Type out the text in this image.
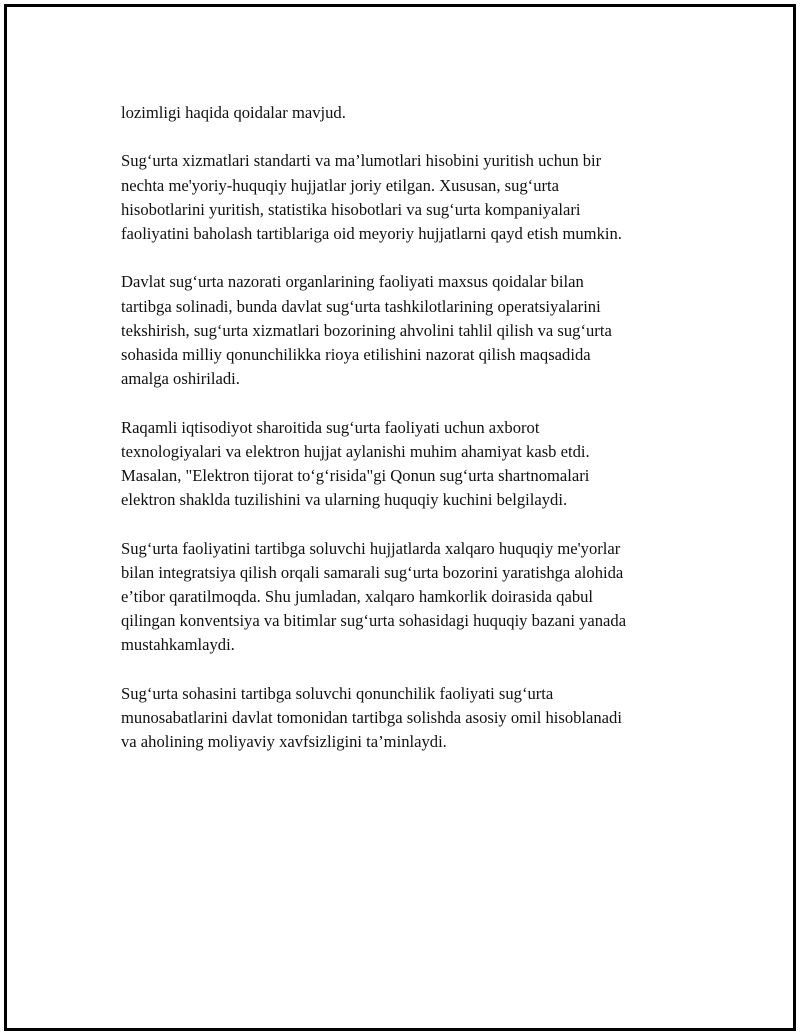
lozimligi haqida qoidalar mavjud.

Sug‘urta xizmatlari standarti va ma’lumotlari hisobini yuritish uchun bir
nechta me'yoriy-huquqiy hujjatlar joriy etilgan. Xususan, sug‘urta
hisobotlarini yuritish, statistika hisobotlari va sug‘urta kompaniyalari
faoliyatini baholash tartiblariga oid meyoriy hujjatlarni qayd etish mumkin.

Davlat sug‘urta nazorati organlarining faoliyati maxsus qoidalar bilan
tartibga solinadi, bunda davlat sug‘urta tashkilotlarining operatsiyalarini
tekshirish, sug‘urta xizmatlari bozorining ahvolini tahlil qilish va sug‘urta
sohasida milliy qonunchilikka rioya etilishini nazorat qilish maqsadida
amalga oshiriladi.

Raqamli iqtisodiyot sharoitida sug‘urta faoliyati uchun axborot
texnologiyalari va elektron hujjat aylanishi muhim ahamiyat kasb etdi.
Masalan, "Elektron tijorat to‘g‘risida"gi Qonun sug‘urta shartnomalari
elektron shaklda tuzilishini va ularning huquqiy kuchini belgilaydi.

Sug‘urta faoliyatini tartibga soluvchi hujjatlarda xalqaro huquqiy me'yorlar
bilan integratsiya qilish orqali samarali sug‘urta bozorini yaratishga alohida
e’tibor qaratilmoqda. Shu jumladan, xalqaro hamkorlik doirasida qabul
qilingan konventsiya va bitimlar sug‘urta sohasidagi huquqiy bazani yanada
mustahkamlaydi.

Sug‘urta sohasini tartibga soluvchi qonunchilik faoliyati sug‘urta
munosabatlarini davlat tomonidan tartibga solishda asosiy omil hisoblanadi
va aholining moliyaviy xavfsizligini ta’minlaydi.
